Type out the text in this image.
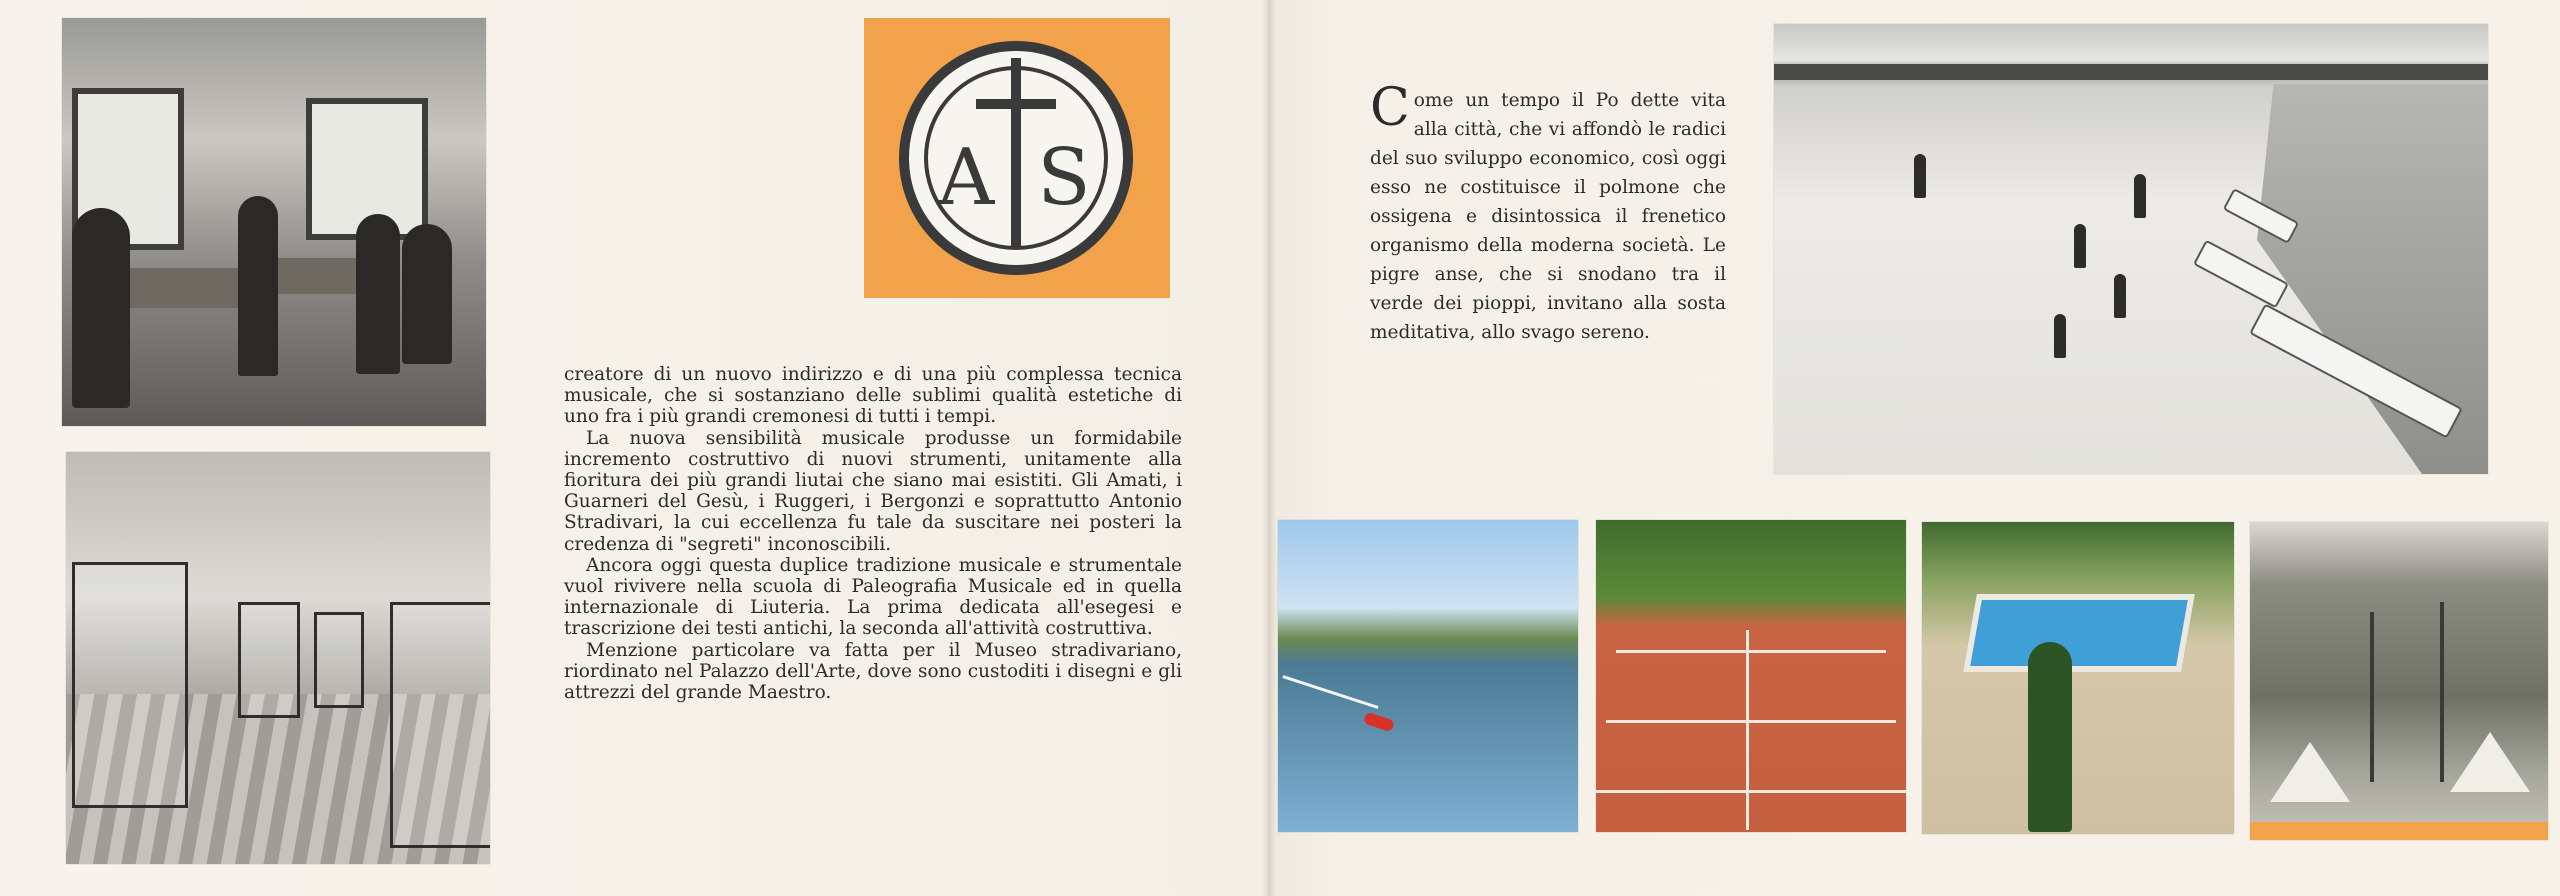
A S

creatore di un nuovo indirizzo e di una più complessa tecnica musicale, che si sostanziano delle sublimi qualità estetiche di uno fra i più grandi cremonesi di tutti i tempi.

La nuova sensibilità musicale produsse un formidabile incremento costruttivo di nuovi strumenti, unitamente alla fioritura dei più grandi liutai che siano mai esistiti. Gli Amati, i Guarneri del Gesù, i Ruggeri, i Bergonzi e soprattutto Antonio Stradivari, la cui eccellenza fu tale da suscitare nei posteri la credenza di "segreti" inconoscibili.

Ancora oggi questa duplice tradizione musicale e strumentale vuol rivivere nella scuola di Paleografia Musicale ed in quella internazionale di Liuteria. La prima dedicata all'esegesi e trascrizione dei testi antichi, la seconda all'attività costruttiva.

Menzione particolare va fatta per il Museo stradivariano, riordinato nel Palazzo dell'Arte, dove sono custoditi i disegni e gli attrezzi del grande Maestro.

Come un tempo il Po dette vita alla città, che vi affondò le radici del suo sviluppo economico, così oggi esso ne costituisce il polmone che ossigena e disintossica il frenetico organismo della moderna società. Le pigre anse, che si snodano tra il verde dei pioppi, invitano alla sosta meditativa, allo svago sereno.
